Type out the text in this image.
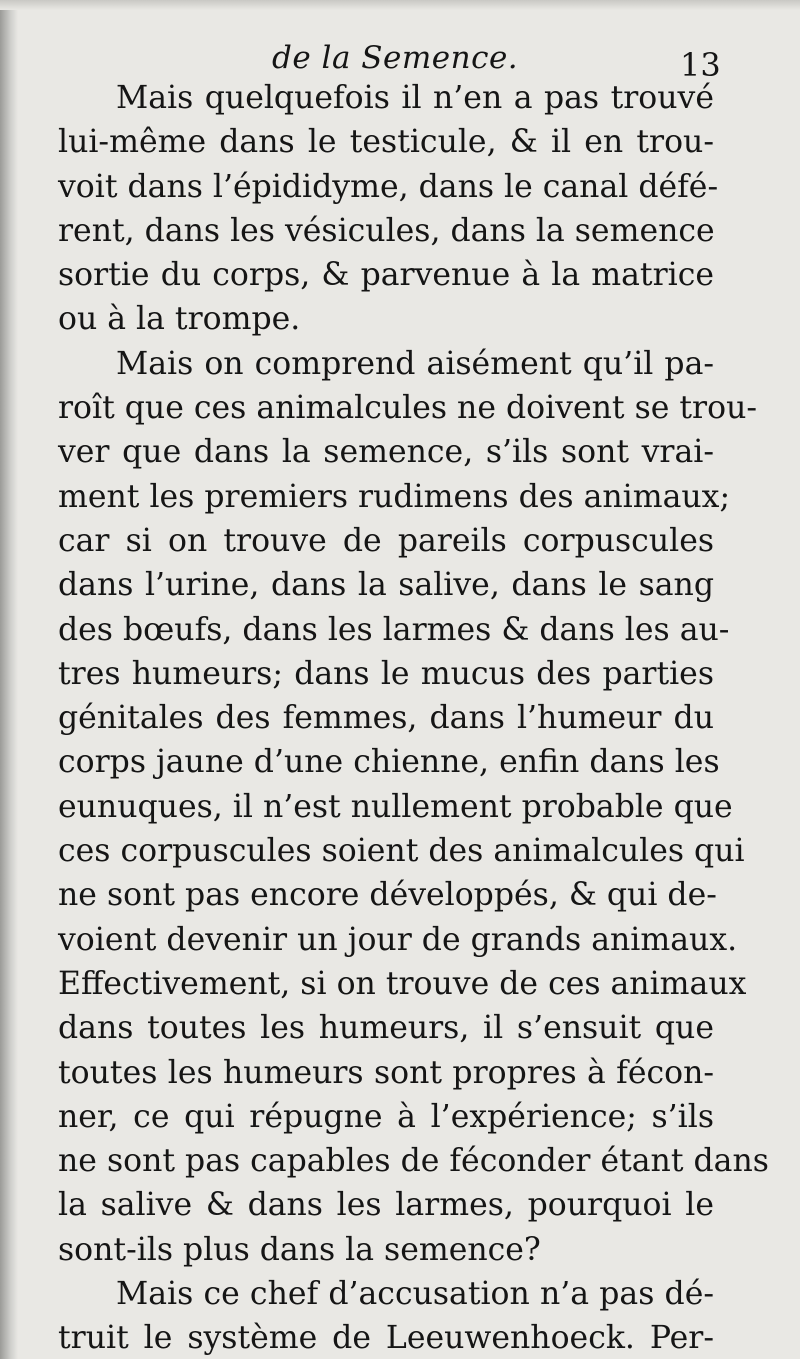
de la Semence.	13
Mais quelquefois il n’en a pas trouvé
lui-même dans le testicule, & il en trou-
voit dans l’épididyme, dans le canal défé-
rent, dans les vésicules, dans la semence
sortie du corps, & parvenue à la matrice
ou à la trompe.
Mais on comprend aisément qu’il pa-
roît que ces animalcules ne doivent se trou-
ver que dans la semence, s’ils sont vrai-
ment les premiers rudimens des animaux;
car si on trouve de pareils corpuscules
dans l’urine, dans la salive, dans le sang
des bœufs, dans les larmes & dans les au-
tres humeurs; dans le mucus des parties
génitales des femmes, dans l’humeur du
corps jaune d’une chienne, enfin dans les
eunuques, il n’est nullement probable que
ces corpuscules soient des animalcules qui
ne sont pas encore développés, & qui de-
voient devenir un jour de grands animaux.
Effectivement, si on trouve de ces animaux
dans toutes les humeurs, il s’ensuit que
toutes les humeurs sont propres à fécon-
ner, ce qui répugne à l’expérience; s’ils
ne sont pas capables de féconder étant dans
la salive & dans les larmes, pourquoi le
sont-ils plus dans la semence?
Mais ce chef d’accusation n’a pas dé-
truit le système de Leeuwenhoeck. Per-
